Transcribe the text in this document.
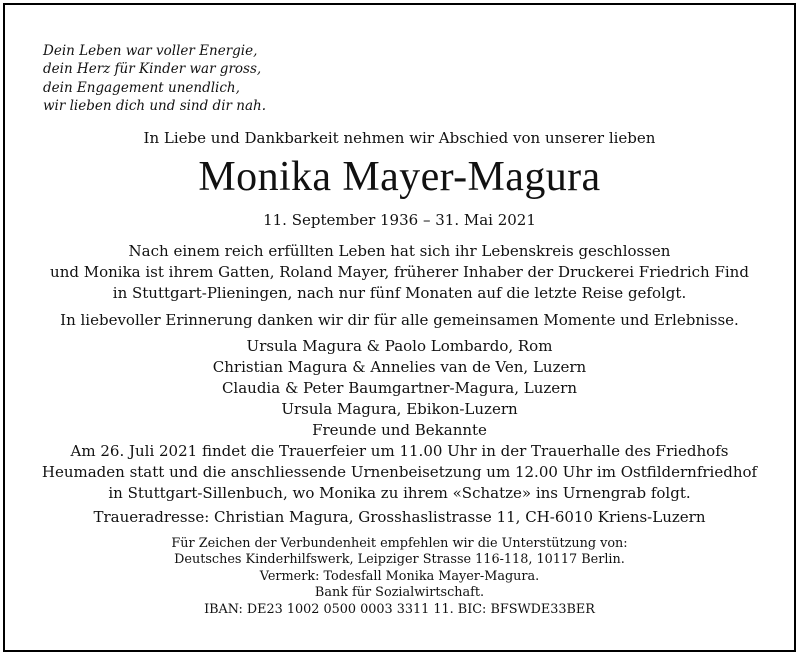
Dein Leben war voller Energie,
dein Herz für Kinder war gross,
dein Engagement unendlich,
wir lieben dich und sind dir nah.
In Liebe und Dankbarkeit nehmen wir Abschied von unserer lieben
Monika Mayer-Magura
11. September 1936 – 31. Mai 2021
Nach einem reich erfüllten Leben hat sich ihr Lebenskreis geschlossen
und Monika ist ihrem Gatten, Roland Mayer, früherer Inhaber der Druckerei Friedrich Find
in Stuttgart-Plieningen, nach nur fünf Monaten auf die letzte Reise gefolgt.
In liebevoller Erinnerung danken wir dir für alle gemeinsamen Momente und Erlebnisse.
Ursula Magura & Paolo Lombardo, Rom
Christian Magura & Annelies van de Ven, Luzern
Claudia & Peter Baumgartner-Magura, Luzern
Ursula Magura, Ebikon-Luzern
Freunde und Bekannte
Am 26. Juli 2021 findet die Trauerfeier um 11.00 Uhr in der Trauerhalle des Friedhofs
Heumaden statt und die anschliessende Urnenbeisetzung um 12.00 Uhr im Ostfildernfriedhof
in Stuttgart-Sillenbuch, wo Monika zu ihrem «Schatze» ins Urnengrab folgt.
Traueradresse: Christian Magura, Grosshaslistrasse 11, CH-6010 Kriens-Luzern
Für Zeichen der Verbundenheit empfehlen wir die Unterstützung von:
Deutsches Kinderhilfswerk, Leipziger Strasse 116-118, 10117 Berlin.
Vermerk: Todesfall Monika Mayer-Magura.
Bank für Sozialwirtschaft.
IBAN: DE23 1002 0500 0003 3311 11. BIC: BFSWDE33BER
